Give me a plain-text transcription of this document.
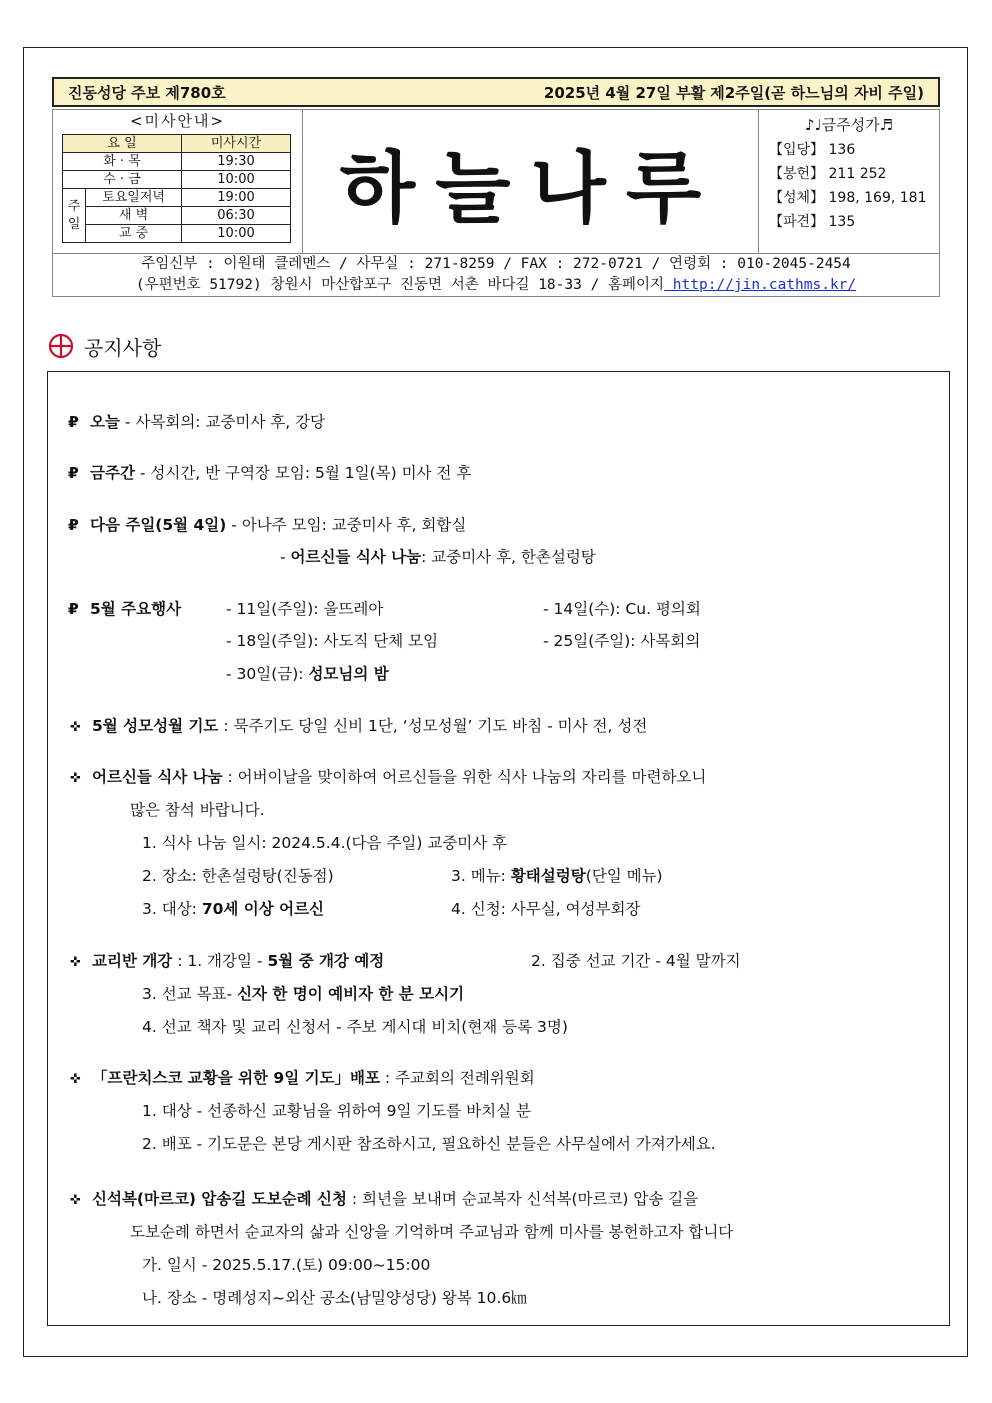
진동성당 주보 제780호	2025년 4월 27일 부활 제2주일(곧 하느님의 자비 주일)
<미사안내>
요 일		미사시간
화 · 목		19:30
수 · 금		10:00
주일	토요일저녁	19:00
	새 벽	06:30
	교 중	10:00	하늘나루
♪♩금주성가♬
【입당】 136
【봉헌】 211 252
【성체】 198, 169, 181
【파견】 135
주임신부 : 이원태 클레멘스 / 사무실 : 271-8259 / FAX : 272-0721 / 연령회 : 010-2045-2454
(우편번호 51792) 창원시 마산합포구 진동면 서촌 바다길 18-33 / 홈페이지 http://jin.cathms.kr/
공지사항
₽ 오늘 - 사목회의: 교중미사 후, 강당
₽ 금주간 - 성시간, 반 구역장 모임: 5월 1일(목) 미사 전 후
₽ 다음 주일(5월 4일) - 아나주 모임: 교중미사 후, 회합실
- 어르신들 식사 나눔: 교중미사 후, 한촌설렁탕
₽ 5월 주요행사	- 11일(주일): 울뜨레아	- 14일(수): Cu. 평의회
- 18일(주일): 사도직 단체 모임	- 25일(주일): 사목회의
- 30일(금): 성모님의 밤
✜ 5월 성모성월 기도 : 묵주기도 당일 신비 1단, ‘성모성월’ 기도 바침 - 미사 전, 성전
✜ 어르신들 식사 나눔 : 어버이날을 맞이하여 어르신들을 위한 식사 나눔의 자리를 마련하오니
많은 참석 바랍니다.
1. 식사 나눔 일시: 2024.5.4.(다음 주일) 교중미사 후
2. 장소: 한촌설렁탕(진동점)	3. 메뉴: 황태설렁탕(단일 메뉴)
3. 대상: 70세 이상 어르신	4. 신청: 사무실, 여성부회장
✜ 교리반 개강 : 1. 개강일 - 5월 중 개강 예정	2. 집중 선교 기간 - 4월 말까지
3. 선교 목표- 신자 한 명이 예비자 한 분 모시기
4. 선교 책자 및 교리 신청서 - 주보 게시대 비치(현재 등록 3명)
✜ 「프란치스코 교황을 위한 9일 기도」배포 : 주교회의 전례위원회
1. 대상 - 선종하신 교황님을 위하여 9일 기도를 바치실 분
2. 배포 - 기도문은 본당 게시판 참조하시고, 필요하신 분들은 사무실에서 가져가세요.
✜ 신석복(마르코) 압송길 도보순례 신청 : 희년을 보내며 순교복자 신석복(마르코) 압송 길을
도보순례 하면서 순교자의 삶과 신앙을 기억하며 주교님과 함께 미사를 봉헌하고자 합니다
가. 일시 - 2025.5.17.(토) 09:00~15:00
나. 장소 - 명례성지~외산 공소(남밀양성당) 왕복 10.6㎞
